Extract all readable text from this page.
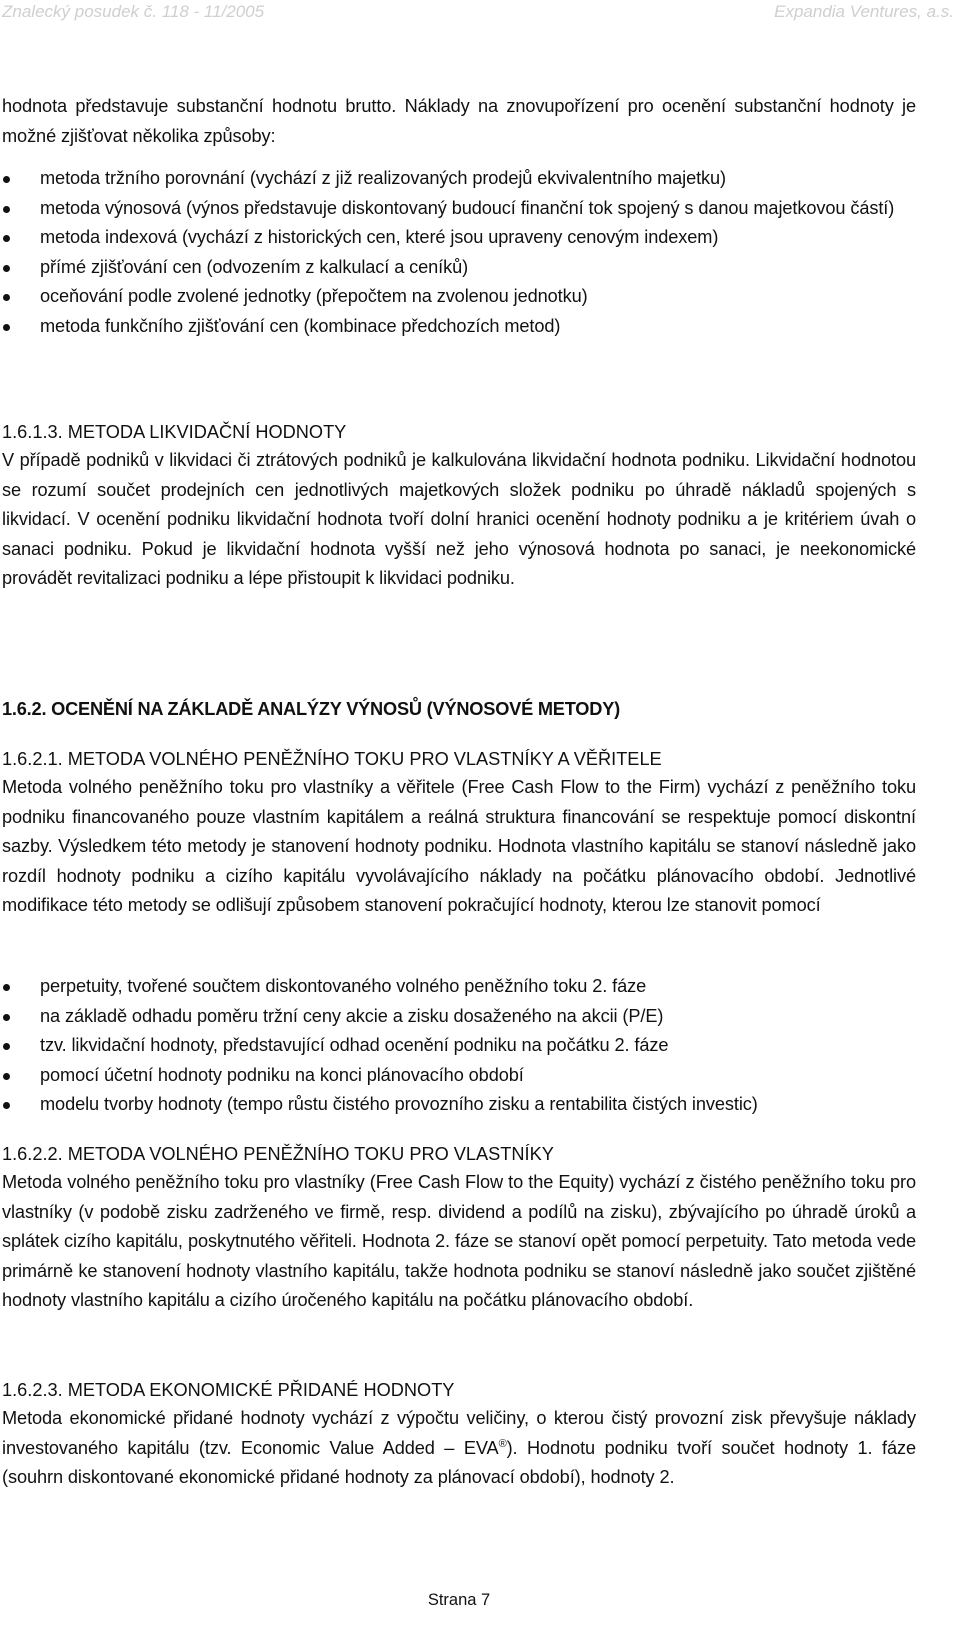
Znalecký posudek č. 118 - 11/2005	Expandia Ventures, a.s.
hodnota představuje substanční hodnotu brutto. Náklady na znovupořízení pro ocenění substanční hodnoty je možné zjišťovat několika způsoby:
metoda tržního porovnání (vychází z již realizovaných prodejů ekvivalentního majetku)
metoda výnosová (výnos představuje diskontovaný budoucí finanční tok spojený s danou majetkovou částí)
metoda indexová (vychází z historických cen, které jsou upraveny cenovým indexem)
přímé zjišťování cen (odvozením z kalkulací a ceníků)
oceňování podle zvolené jednotky (přepočtem na zvolenou jednotku)
metoda funkčního zjišťování cen (kombinace předchozích metod)
1.6.1.3. METODA LIKVIDAČNÍ HODNOTY
V případě podniků v likvidaci či ztrátových podniků je kalkulována likvidační hodnota podniku. Likvidační hodnotou se rozumí součet prodejních cen jednotlivých majetkových složek podniku po úhradě nákladů spojených s likvidací. V ocenění podniku likvidační hodnota tvoří dolní hranici ocenění hodnoty podniku a je kritériem úvah o sanaci podniku. Pokud je likvidační hodnota vyšší než jeho výnosová hodnota po sanaci, je neekonomické provádět revitalizaci podniku a lépe přistoupit k likvidaci podniku.
1.6.2. OCENĚNÍ NA ZÁKLADĚ ANALÝZY VÝNOSŮ (VÝNOSOVÉ METODY)
1.6.2.1. METODA VOLNÉHO PENĚŽNÍHO TOKU PRO VLASTNÍKY A VĚŘITELE
Metoda volného peněžního toku pro vlastníky a věřitele (Free Cash Flow to the Firm) vychází z peněžního toku podniku financovaného pouze vlastním kapitálem a reálná struktura financování se respektuje pomocí diskontní sazby. Výsledkem této metody je stanovení hodnoty podniku. Hodnota vlastního kapitálu se stanoví následně jako rozdíl hodnoty podniku a cizího kapitálu vyvolávajícího náklady na počátku plánovacího období. Jednotlivé modifikace této metody se odlišují způsobem stanovení pokračující hodnoty, kterou lze stanovit pomocí
perpetuity, tvořené součtem diskontovaného volného peněžního toku 2. fáze
na základě odhadu poměru tržní ceny akcie a zisku dosaženého na akcii (P/E)
tzv. likvidační hodnoty, představující odhad ocenění podniku na počátku 2. fáze
pomocí účetní hodnoty podniku na konci plánovacího období
modelu tvorby hodnoty (tempo růstu čistého provozního zisku a rentabilita čistých investic)
1.6.2.2. METODA VOLNÉHO PENĚŽNÍHO TOKU PRO VLASTNÍKY
Metoda volného peněžního toku pro vlastníky (Free Cash Flow to the Equity) vychází z čistého peněžního toku pro vlastníky (v podobě zisku zadrženého ve firmě, resp. dividend a podílů na zisku), zbývajícího po úhradě úroků a splátek cizího kapitálu, poskytnutého věřiteli. Hodnota 2. fáze se stanoví opět pomocí perpetuity. Tato metoda vede primárně ke stanovení hodnoty vlastního kapitálu, takže hodnota podniku se stanoví následně jako součet zjištěné hodnoty vlastního kapitálu a cizího úročeného kapitálu na počátku plánovacího období.
1.6.2.3. METODA EKONOMICKÉ PŘIDANÉ HODNOTY
Metoda ekonomické přidané hodnoty vychází z výpočtu veličiny, o kterou čistý provozní zisk převyšuje náklady investovaného kapitálu (tzv. Economic Value Added – EVA®). Hodnotu podniku tvoří součet hodnoty 1. fáze (souhrn diskontované ekonomické přidané hodnoty za plánovací období), hodnoty 2.
Strana 7
